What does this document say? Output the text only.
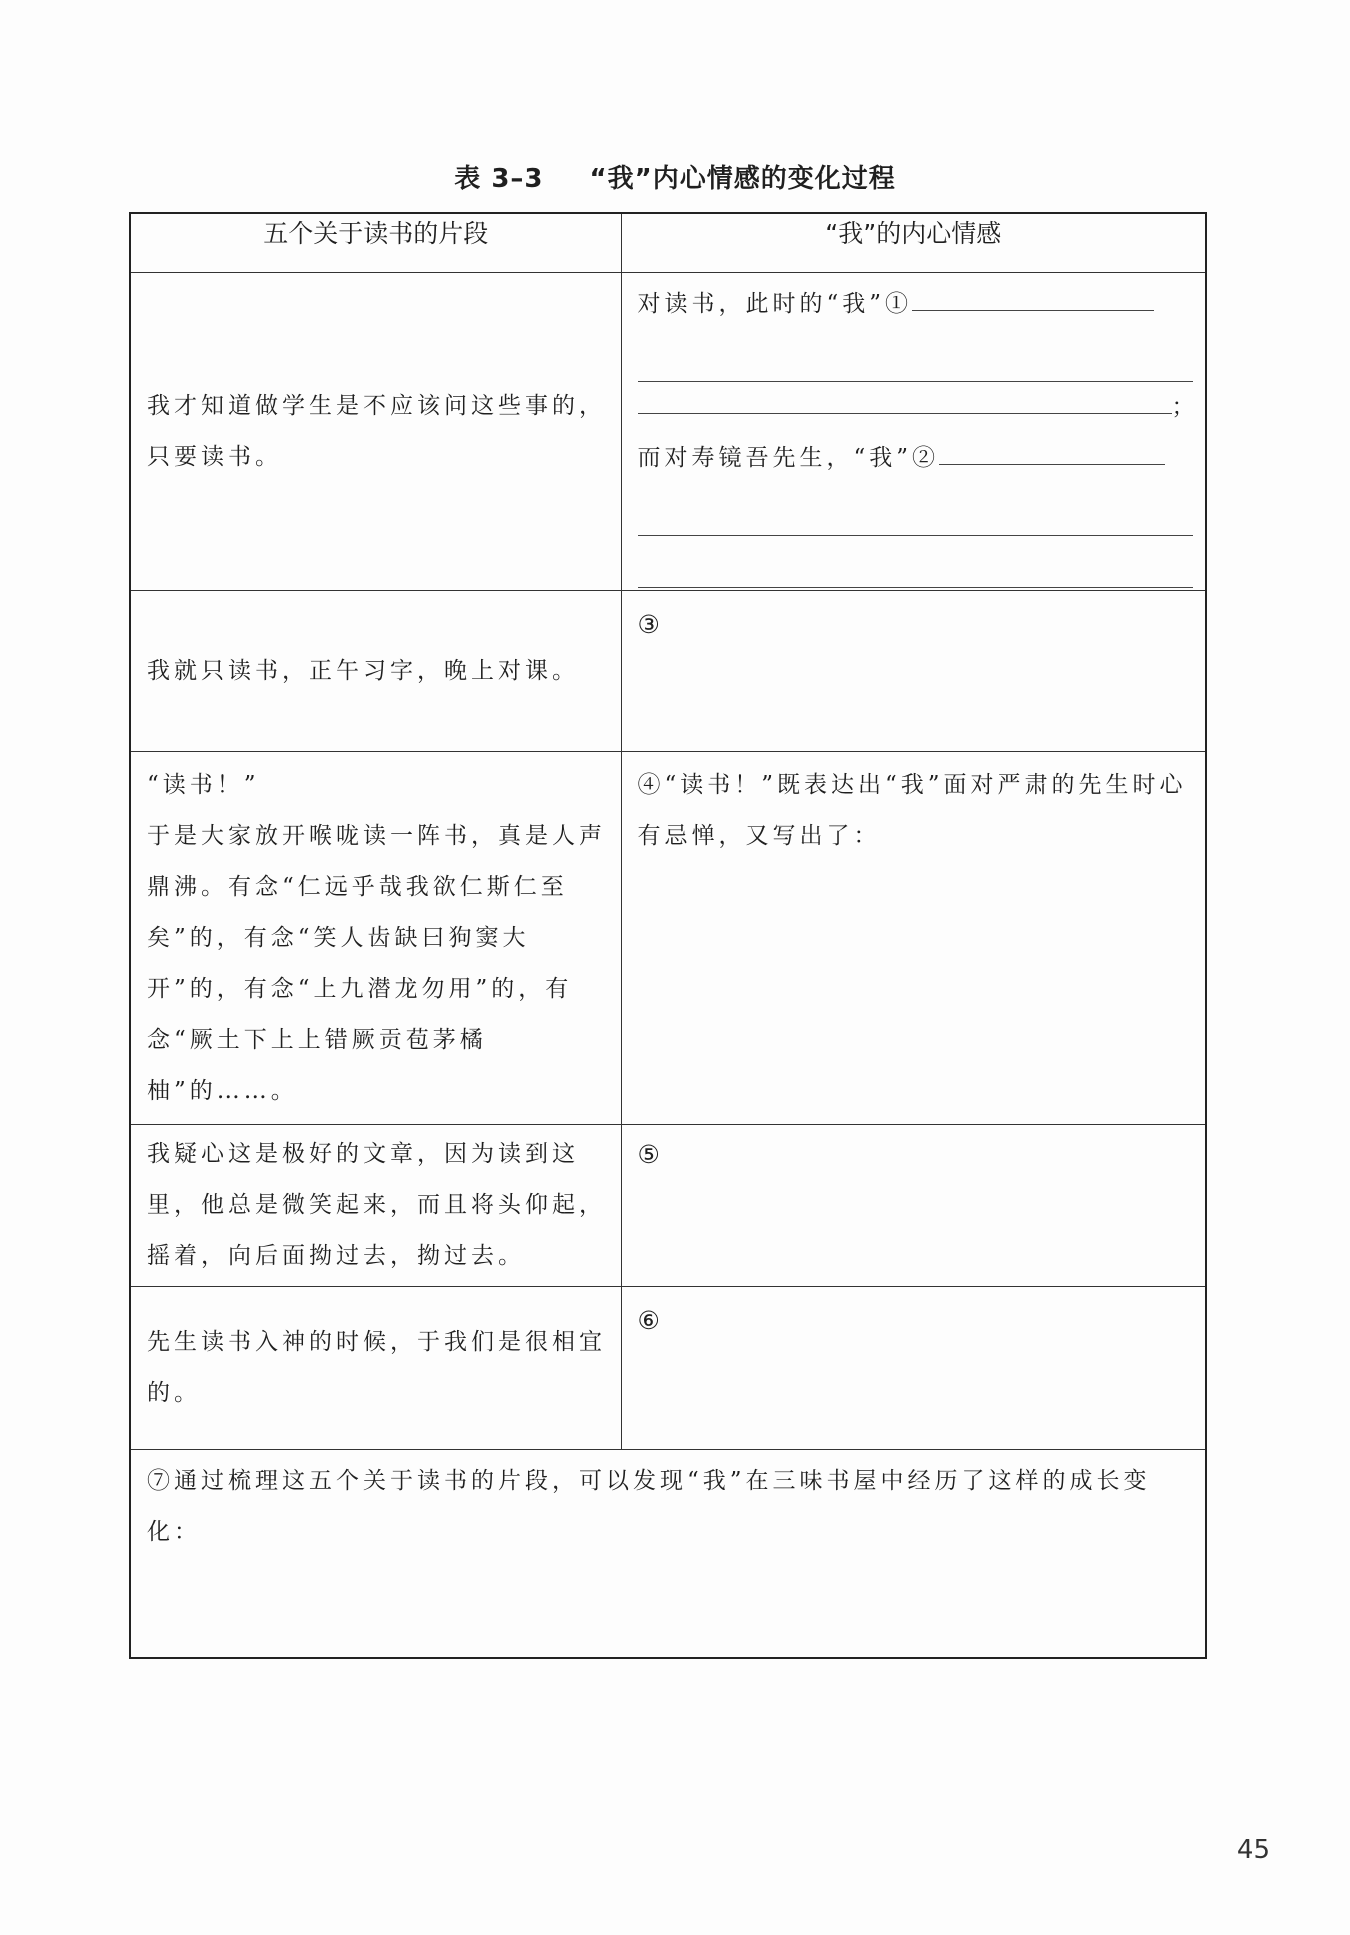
表 3–3 “我”内心情感的变化过程
五个关于读书的片段	“我”的内心情感

我才知道做学生是不应该问这些事的，只要读书。	对读书，此时的“我”①
；
而对寿镜吾先生，“我”②

我就只读书，正午习字，晚上对课。	③

“读书！”
于是大家放开喉咙读一阵书，真是人声鼎沸。有念“仁远乎哉我欲仁斯仁至矣”的，有念“笑人齿缺曰狗窦大开”的，有念“上九潜龙勿用”的，有念“厥土下上上错厥贡苞茅橘柚”的……。	④“读书！”既表达出“我”面对严肃的先生时心有忌惮，又写出了：

我疑心这是极好的文章，因为读到这里，他总是微笑起来，而且将头仰起，摇着，向后面拗过去，拗过去。	⑤

先生读书入神的时候，于我们是很相宜的。	⑥

⑦通过梳理这五个关于读书的片段，可以发现“我”在三味书屋中经历了这样的成长变化：	
45
